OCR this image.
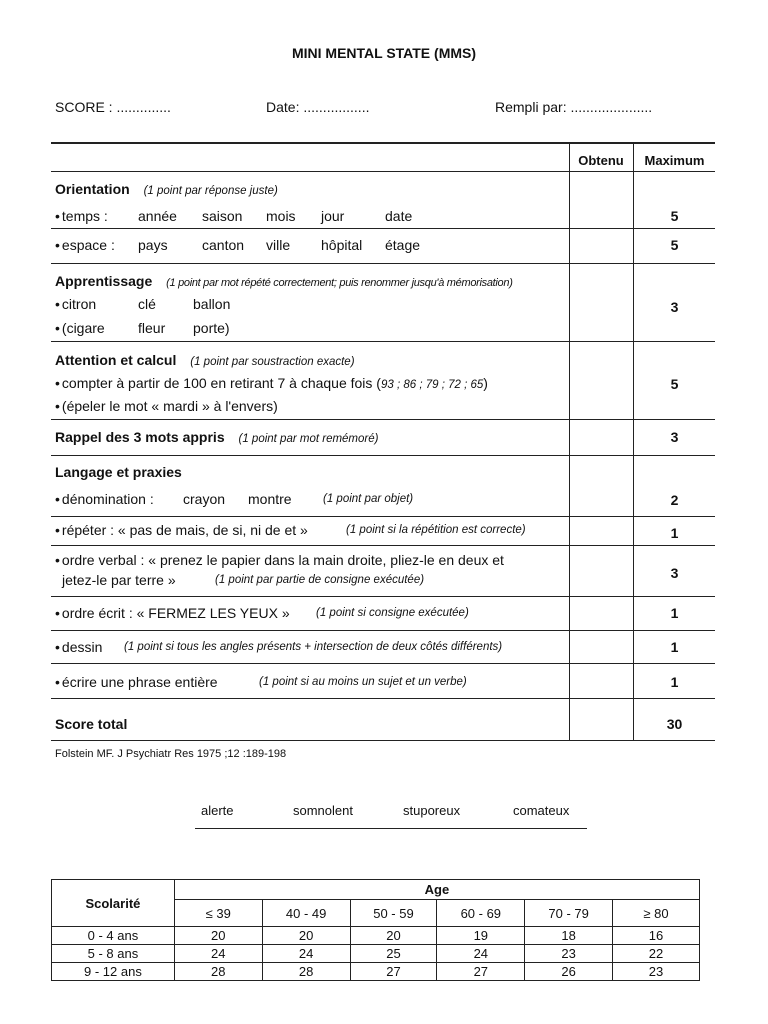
MINI MENTAL STATE (MMS)
SCORE : ..............	Date: .................	Rempli par: .....................
Obtenu	Maximum
Orientation (1 point par réponse juste)
• temps : année saison mois jour	date	5
• espace : pays canton ville hôpital étage	5
Apprentissage (1 point par mot répété correctement; puis renommer jusqu'à mémorisation)
• citron	clé	ballon
• (cigare fleur porte)
3
Attention et calcul (1 point par soustraction exacte)
• compter à partir de 100 en retirant 7 à chaque fois (93 ; 86 ; 79 ; 72 ; 65)
• (épeler le mot « mardi » à l'envers)
5
Rappel des 3 mots appris (1 point par mot remémoré)	3
Langage et praxies
• dénomination : crayon montre	(1 point par objet)	2
• répéter : « pas de mais, de si, ni de et »	(1 point si la répétition est correcte)	1
• ordre verbal : « prenez le papier dans la main droite, pliez-le en deux et
jetez-le par terre »	(1 point par partie de consigne exécutée)	3
• ordre écrit : « FERMEZ LES YEUX » (1 point si consigne exécutée)	1
• dessin (1 point si tous les angles présents + intersection de deux côtés différents)	1
• écrire une phrase entière	(1 point si au moins un sujet et un verbe)	1
Score total	30
Folstein MF. J Psychiatr Res 1975 ;12 :189-198
alerte	somnolent	stuporeux	comateux
Scolarité	Age					
	≤ 39	40 - 49	50 - 59	60 - 69	70 - 79	≥ 80
0 - 4 ans	20	20	20	19	18	16
5 - 8 ans	24	24	25	24	23	22
9 - 12 ans	28	28	27	27	26	23
